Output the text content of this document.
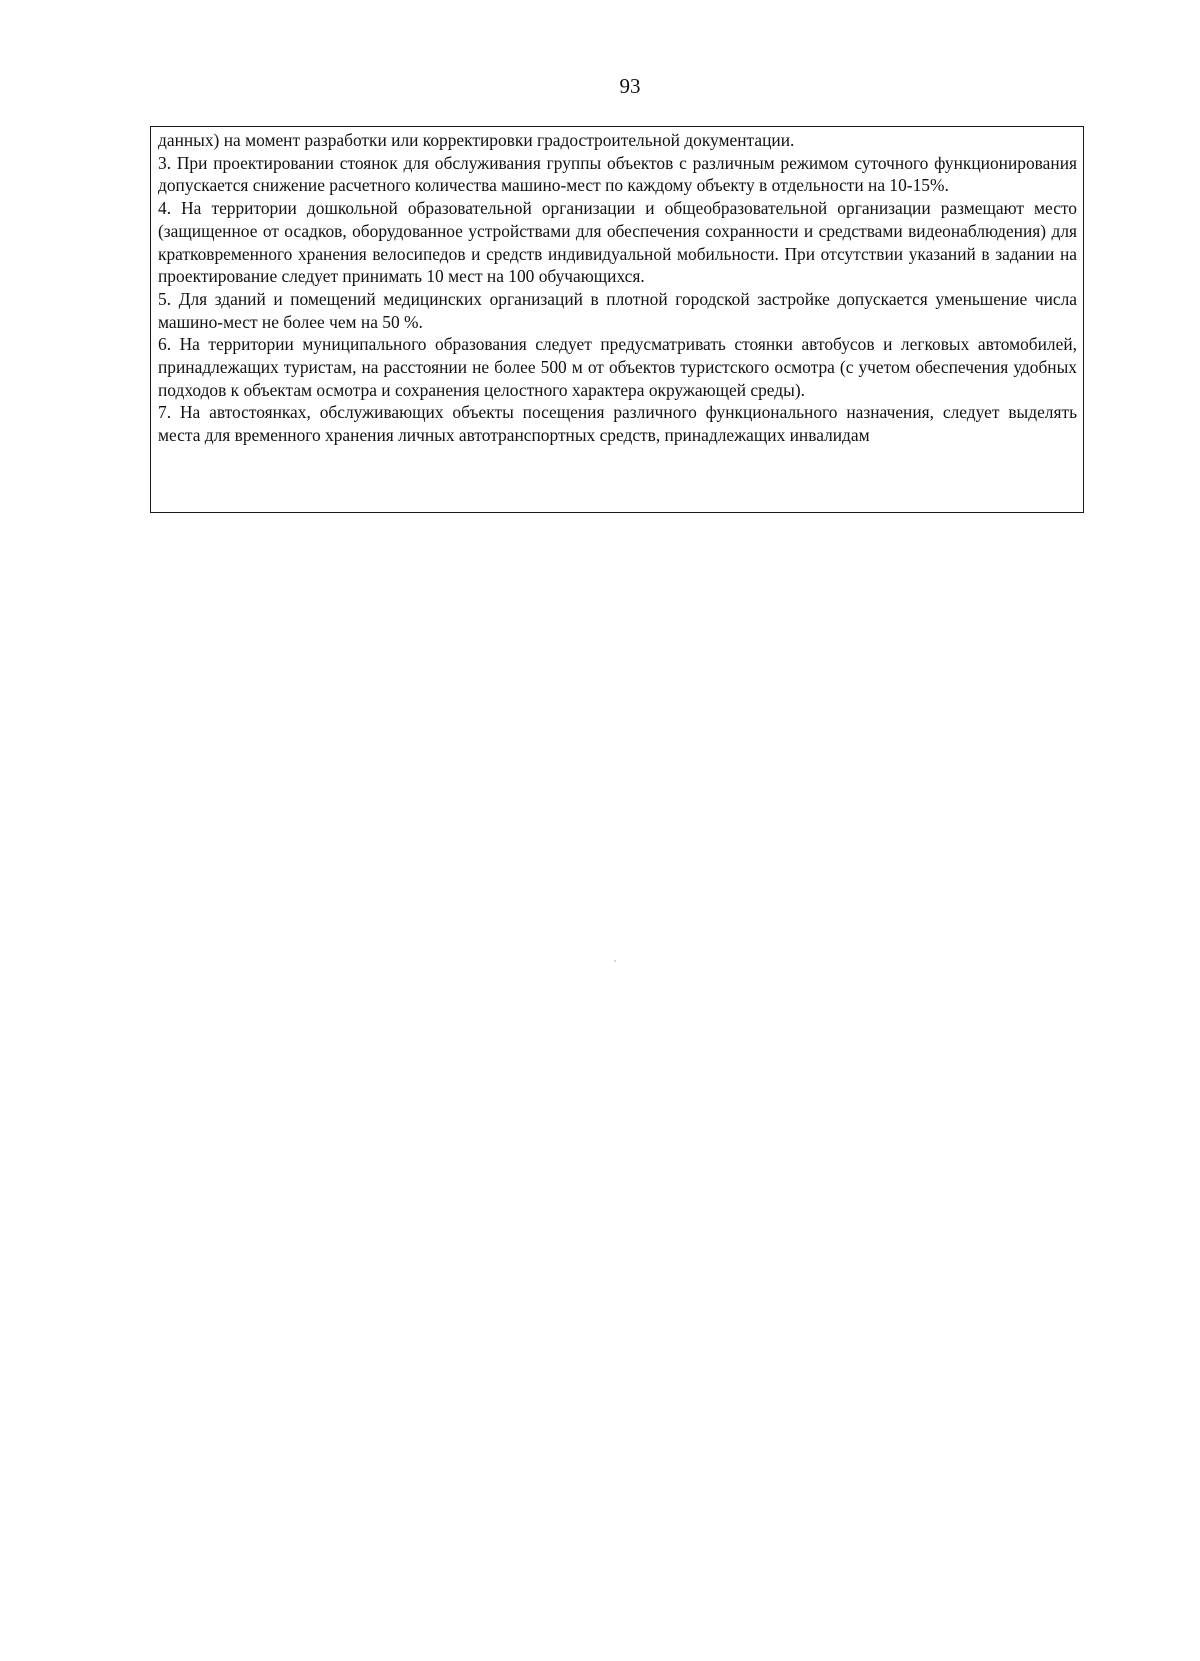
93

данных) на момент разработки или корректировки градостроительной документации.

3. При проектировании стоянок для обслуживания группы объектов с различным режимом суточного функционирования допускается снижение расчетного количества машино-мест по каждому объекту в отдельности на 10-15%.

4. На территории дошкольной образовательной организации и общеобразовательной организации размещают место (защищенное от осадков, оборудованное устройствами для обеспечения сохранности и средствами видеонаблюдения) для кратковременного хранения велосипедов и средств индивидуальной мобильности. При отсутствии указаний в задании на проектирование следует принимать 10 мест на 100 обучающихся.

5. Для зданий и помещений медицинских организаций в плотной городской застройке допускается уменьшение числа машино-мест не более чем на 50 %.

6. На территории муниципального образования следует предусматривать стоянки автобусов и легковых автомобилей, принадлежащих туристам, на расстоянии не более 500 м от объектов туристского осмотра (с учетом обеспечения удобных подходов к объектам осмотра и сохранения целостного характера окружающей среды).

7. На автостоянках, обслуживающих объекты посещения различного функционального назначения, следует выделять места для временного хранения личных автотранспортных средств, принадлежащих инвалидам
